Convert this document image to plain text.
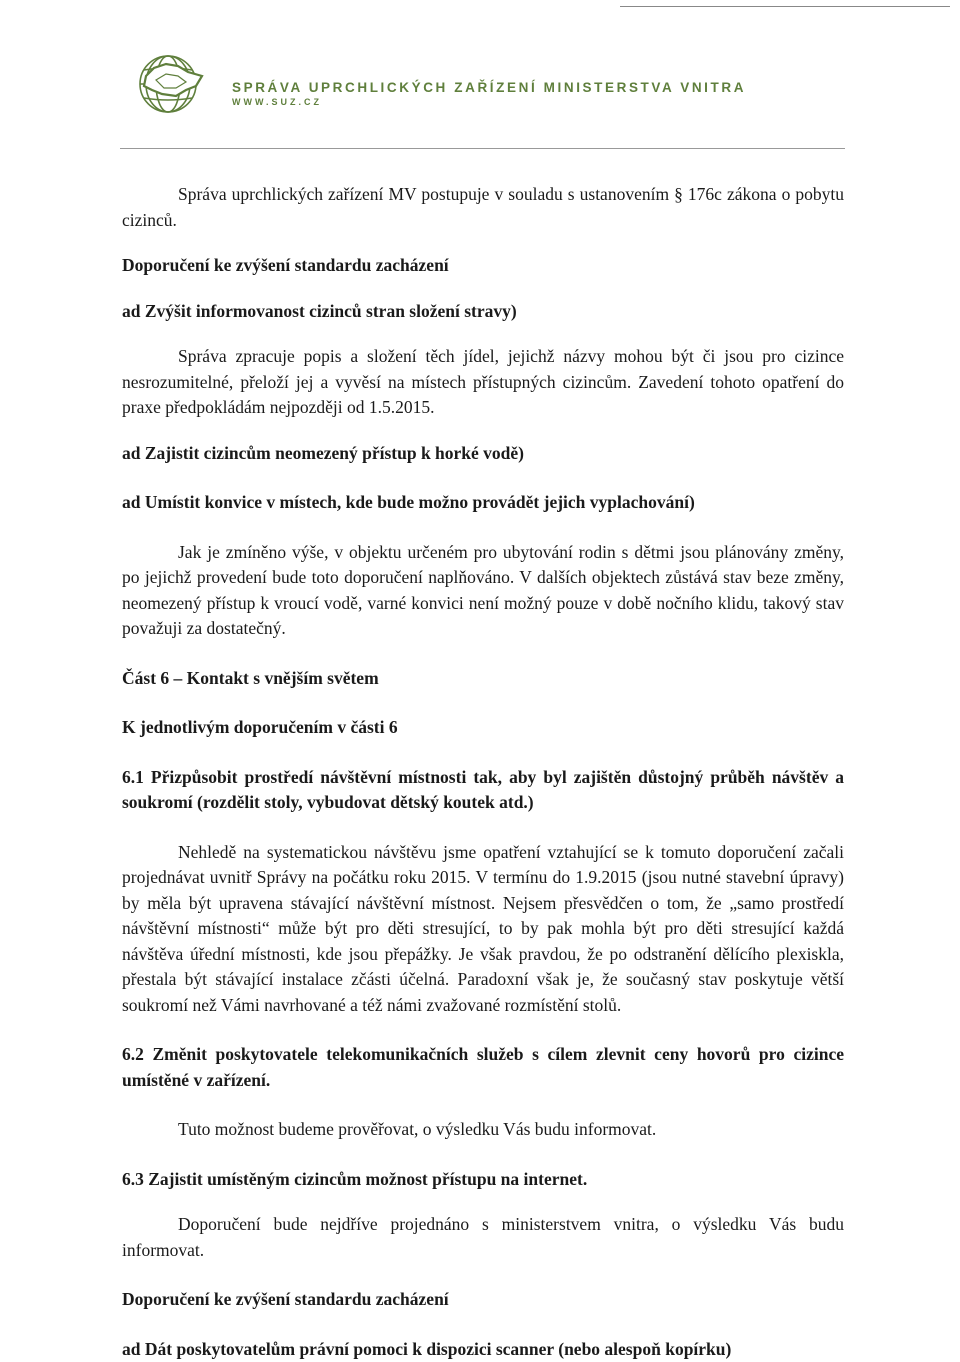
SPRÁVA UPRCHLICKÝCH ZAŘÍZENÍ MINISTERSTVA VNITRA
WWW.SUZ.CZ

Správa uprchlických zařízení MV postupuje v souladu s ustanovením § 176c zákona o pobytu cizinců.

Doporučení ke zvýšení standardu zacházení

ad Zvýšit informovanost cizinců stran složení stravy)

Správa zpracuje popis a složení těch jídel, jejichž názvy mohou být či jsou pro cizince nesrozumitelné, přeloží jej a vyvěsí na místech přístupných cizincům. Zavedení tohoto opatření do praxe předpokládám nejpozději od 1.5.2015.

ad Zajistit cizincům neomezený přístup k horké vodě)

ad Umístit konvice v místech, kde bude možno provádět jejich vyplachování)

Jak je zmíněno výše, v objektu určeném pro ubytování rodin s dětmi jsou plánovány změny, po jejichž provedení bude toto doporučení naplňováno. V dalších objektech zůstává stav beze změny, neomezený přístup k vroucí vodě, varné konvici není možný pouze v době nočního klidu, takový stav považuji za dostatečný.

Část 6 – Kontakt s vnějším světem

K jednotlivým doporučením v části 6

6.1 Přizpůsobit prostředí návštěvní místnosti tak, aby byl zajištěn důstojný průběh návštěv a soukromí (rozdělit stoly, vybudovat dětský koutek atd.)

Nehledě na systematickou návštěvu jsme opatření vztahující se k tomuto doporučení začali projednávat uvnitř Správy na počátku roku 2015. V termínu do 1.9.2015 (jsou nutné stavební úpravy) by měla být upravena stávající návštěvní místnost. Nejsem přesvědčen o tom, že „samo prostředí návštěvní místnosti“ může být pro děti stresující, to by pak mohla být pro děti stresující každá návštěva úřední místnosti, kde jsou přepážky. Je však pravdou, že po odstranění dělícího plexiskla, přestala být stávající instalace zčásti účelná. Paradoxní však je, že současný stav poskytuje větší soukromí než Vámi navrhované a též námi zvažované rozmístění stolů.

6.2 Změnit poskytovatele telekomunikačních služeb s cílem zlevnit ceny hovorů pro cizince umístěné v zařízení.

Tuto možnost budeme prověřovat, o výsledku Vás budu informovat.

6.3 Zajistit umístěným cizincům možnost přístupu na internet.

Doporučení bude nejdříve projednáno s ministerstvem vnitra, o výsledku Vás budu informovat.

Doporučení ke zvýšení standardu zacházení

ad Dát poskytovatelům právní pomoci k dispozici scanner (nebo alespoň kopírku)
